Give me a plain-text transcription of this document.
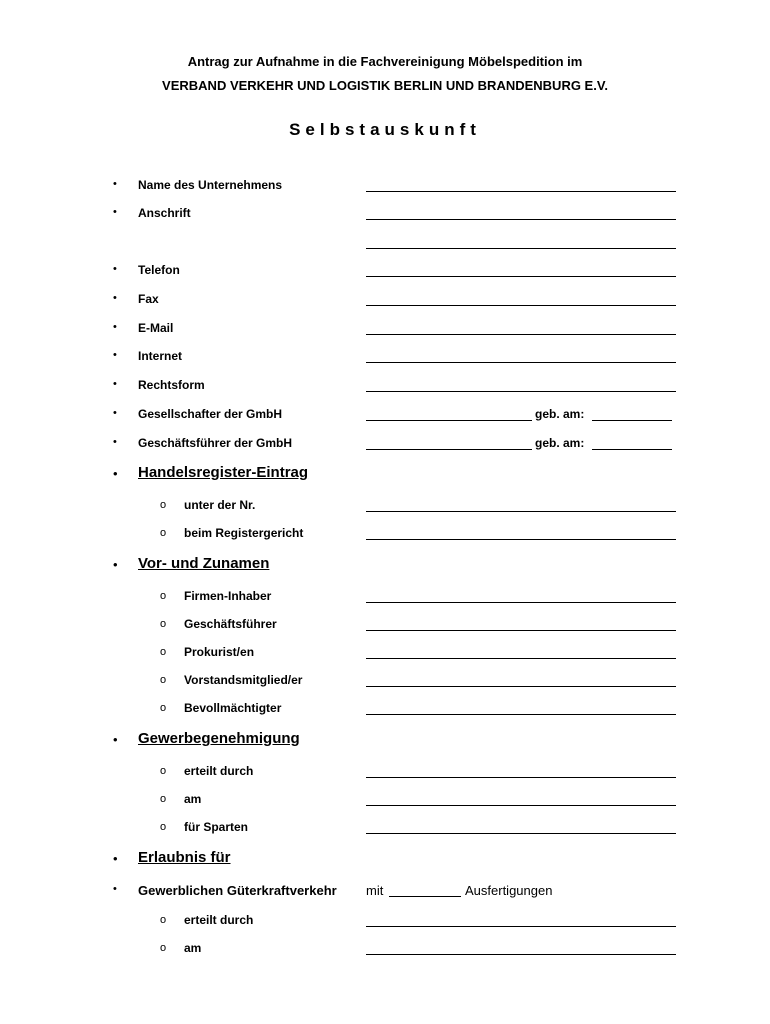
Antrag zur Aufnahme in die Fachvereinigung Möbelspedition im
VERBAND VERKEHR UND LOGISTIK BERLIN UND BRANDENBURG E.V.
Selbstauskunft
• Name des Unternehmens
• Anschrift
• Telefon
• Fax
• E-Mail
• Internet
• Rechtsform
• Gesellschafter der GmbH	geb. am:
• Geschäftsführer der GmbH	geb. am:
• Handelsregister-Eintrag
o unter der Nr.
o beim Registergericht
• Vor- und Zunamen
o Firmen-Inhaber
o Geschäftsführer
o Prokurist/en
o Vorstandsmitglied/er
o Bevollmächtigter
• Gewerbegenehmigung
o erteilt durch
o am
o für Sparten
• Erlaubnis für
• Gewerblichen Güterkraftverkehr mit	Ausfertigungen
o erteilt durch
o am
